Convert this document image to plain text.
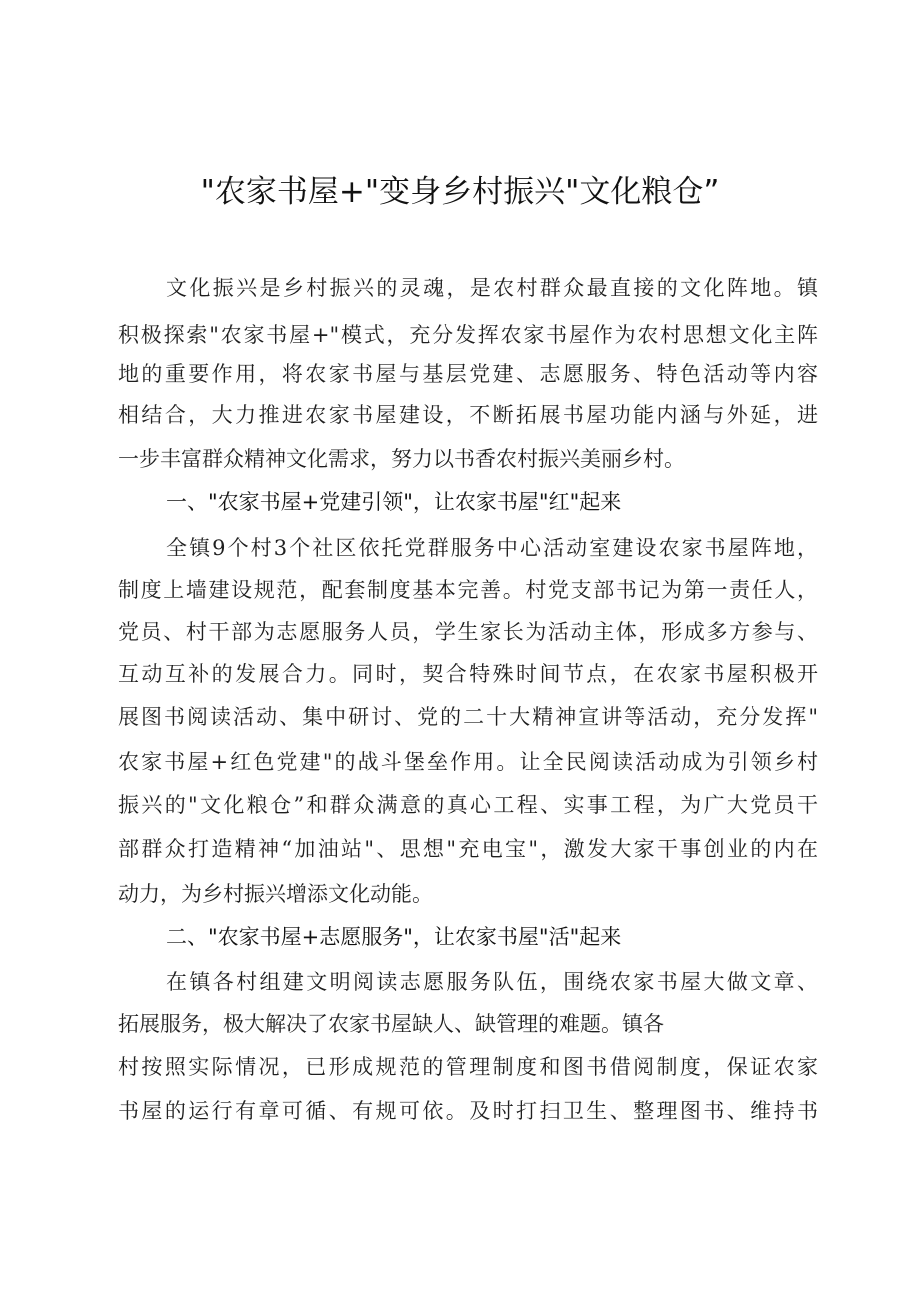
"农家书屋+"变身乡村振兴"文化粮仓”
文化振兴是乡村振兴的灵魂，是农村群众最直接的文化阵地。镇
积极探索"农家书屋+"模式，充分发挥农家书屋作为农村思想文化主阵
地的重要作用，将农家书屋与基层党建、志愿服务、特色活动等内容
相结合，大力推进农家书屋建设，不断拓展书屋功能内涵与外延，进
一步丰富群众精神文化需求，努力以书香农村振兴美丽乡村。
一、"农家书屋+党建引领"，让农家书屋"红"起来
全镇9个村3个社区依托党群服务中心活动室建设农家书屋阵地，
制度上墙建设规范，配套制度基本完善。村党支部书记为第一责任人，
党员、村干部为志愿服务人员，学生家长为活动主体，形成多方参与、
互动互补的发展合力。同时，契合特殊时间节点，在农家书屋积极开
展图书阅读活动、集中研讨、党的二十大精神宣讲等活动，充分发挥"
农家书屋+红色党建"的战斗堡垒作用。让全民阅读活动成为引领乡村
振兴的"文化粮仓”和群众满意的真心工程、实事工程，为广大党员干
部群众打造精神“加油站"、思想"充电宝"，激发大家干事创业的内在
动力，为乡村振兴增添文化动能。
二、"农家书屋+志愿服务"，让农家书屋"活"起来
在镇各村组建文明阅读志愿服务队伍，围绕农家书屋大做文章、
拓展服务，极大解决了农家书屋缺人、缺管理的难题。镇各
村按照实际情况，已形成规范的管理制度和图书借阅制度，保证农家
书屋的运行有章可循、有规可依。及时打扫卫生、整理图书、维持书
